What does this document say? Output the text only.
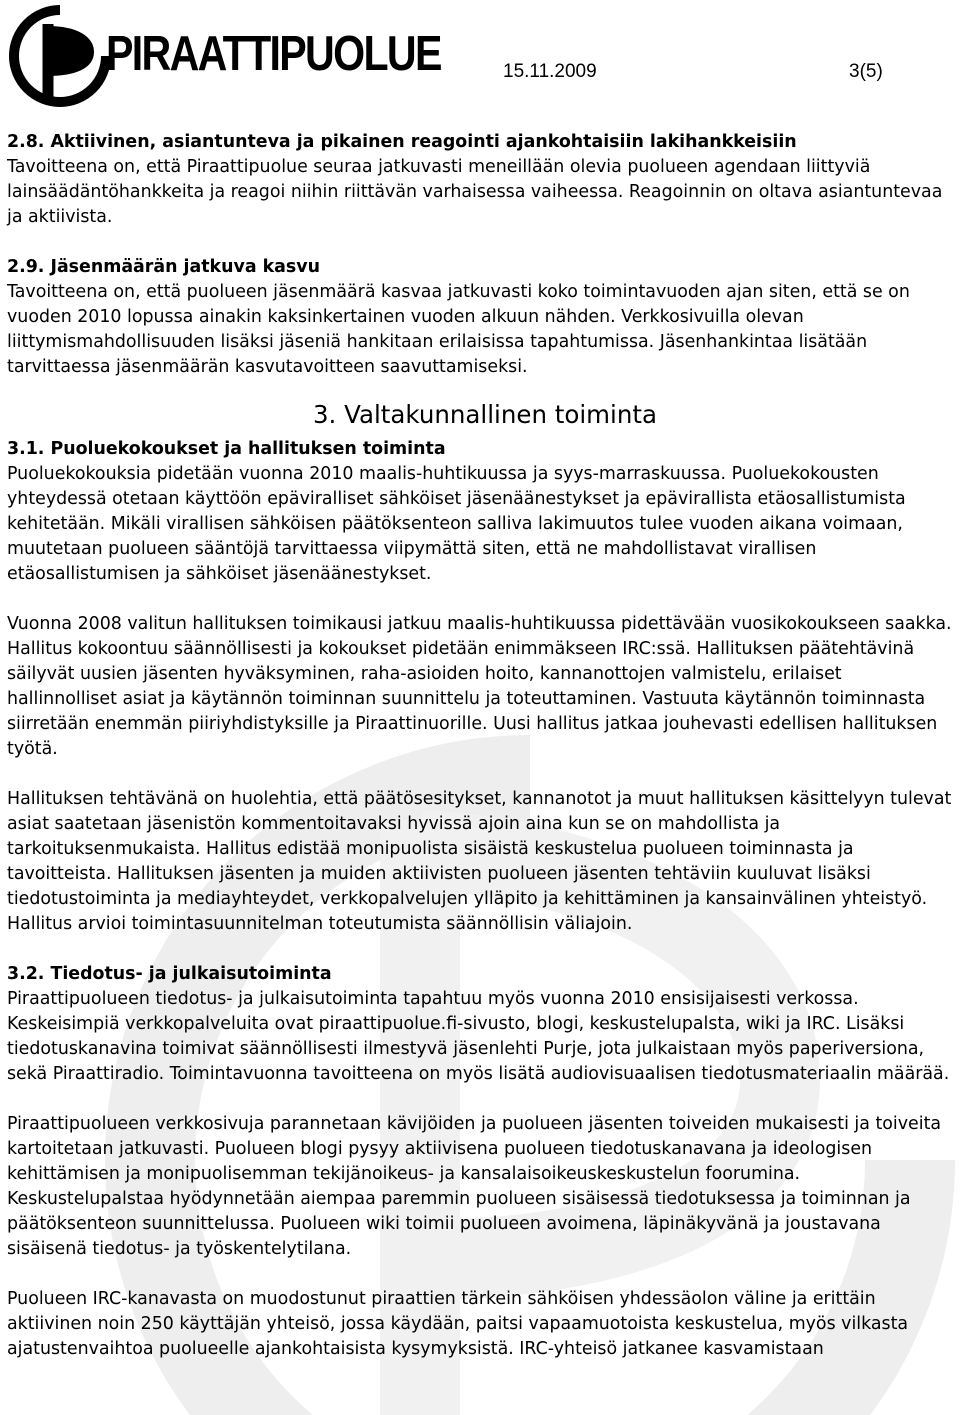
PIRAATTIPUOLUE	15.11.2009	3(5)
2.8. Aktiivinen, asiantunteva ja pikainen reagointi ajankohtaisiin lakihankkeisiin

Tavoitteena on, että Piraattipuolue seuraa jatkuvasti meneillään olevia puolueen agendaan liittyviä lainsäädäntöhankkeita ja reagoi niihin riittävän varhaisessa vaiheessa. Reagoinnin on oltava asiantuntevaa ja aktiivista.

2.9. Jäsenmäärän jatkuva kasvu

Tavoitteena on, että puolueen jäsenmäärä kasvaa jatkuvasti koko toimintavuoden ajan siten, että se on vuoden 2010 lopussa ainakin kaksinkertainen vuoden alkuun nähden. Verkkosivuilla olevan liittymismahdollisuuden lisäksi jäseniä hankitaan erilaisissa tapahtumissa. Jäsenhankintaa lisätään tarvittaessa jäsenmäärän kasvutavoitteen saavuttamiseksi.

3. Valtakunnallinen toiminta
3.1. Puoluekokoukset ja hallituksen toiminta

Puoluekokouksia pidetään vuonna 2010 maalis-huhtikuussa ja syys-marraskuussa. Puoluekokousten yhteydessä otetaan käyttöön epäviralliset sähköiset jäsenäänestykset ja epävirallista etäosallistumista kehitetään. Mikäli virallisen sähköisen päätöksenteon salliva lakimuutos tulee vuoden aikana voimaan, muutetaan puolueen sääntöjä tarvittaessa viipymättä siten, että ne mahdollistavat virallisen etäosallistumisen ja sähköiset jäsenäänestykset.

Vuonna 2008 valitun hallituksen toimikausi jatkuu maalis-huhtikuussa pidettävään vuosikokoukseen saakka. Hallitus kokoontuu säännöllisesti ja kokoukset pidetään enimmäkseen IRC:ssä. Hallituksen päätehtävinä säilyvät uusien jäsenten hyväksyminen, raha-asioiden hoito, kannanottojen valmistelu, erilaiset hallinnolliset asiat ja käytännön toiminnan suunnittelu ja toteuttaminen. Vastuuta käytännön toiminnasta siirretään enemmän piiriyhdistyksille ja Piraattinuorille. Uusi hallitus jatkaa jouhevasti edellisen hallituksen työtä.

Hallituksen tehtävänä on huolehtia, että päätösesitykset, kannanotot ja muut hallituksen käsittelyyn tulevat asiat saatetaan jäsenistön kommentoitavaksi hyvissä ajoin aina kun se on mahdollista ja tarkoituksenmukaista. Hallitus edistää monipuolista sisäistä keskustelua puolueen toiminnasta ja tavoitteista. Hallituksen jäsenten ja muiden aktiivisten puolueen jäsenten tehtäviin kuuluvat lisäksi tiedotustoiminta ja mediayhteydet, verkkopalvelujen ylläpito ja kehittäminen ja kansainvälinen yhteistyö. Hallitus arvioi toimintasuunnitelman toteutumista säännöllisin väliajoin.

3.2. Tiedotus- ja julkaisutoiminta

Piraattipuolueen tiedotus- ja julkaisutoiminta tapahtuu myös vuonna 2010 ensisijaisesti verkossa. Keskeisimpiä verkkopalveluita ovat piraattipuolue.fi-sivusto, blogi, keskustelupalsta, wiki ja IRC. Lisäksi tiedotuskanavina toimivat säännöllisesti ilmestyvä jäsenlehti Purje, jota julkaistaan myös paperiversiona, sekä Piraattiradio. Toimintavuonna tavoitteena on myös lisätä audiovisuaalisen tiedotusmateriaalin määrää.

Piraattipuolueen verkkosivuja parannetaan kävijöiden ja puolueen jäsenten toiveiden mukaisesti ja toiveita kartoitetaan jatkuvasti. Puolueen blogi pysyy aktiivisena puolueen tiedotuskanavana ja ideologisen kehittämisen ja monipuolisemman tekijänoikeus- ja kansalaisoikeuskeskustelun foorumina. Keskustelupalstaa hyödynnetään aiempaa paremmin puolueen sisäisessä tiedotuksessa ja toiminnan ja päätöksenteon suunnittelussa. Puolueen wiki toimii puolueen avoimena, läpinäkyvänä ja joustavana sisäisenä tiedotus- ja työskentelytilana.

Puolueen IRC-kanavasta on muodostunut piraattien tärkein sähköisen yhdessäolon väline ja erittäin aktiivinen noin 250 käyttäjän yhteisö, jossa käydään, paitsi vapaamuotoista keskustelua, myös vilkasta ajatustenvaihtoa puolueelle ajankohtaisista kysymyksistä. IRC-yhteisö jatkanee kasvamistaan
